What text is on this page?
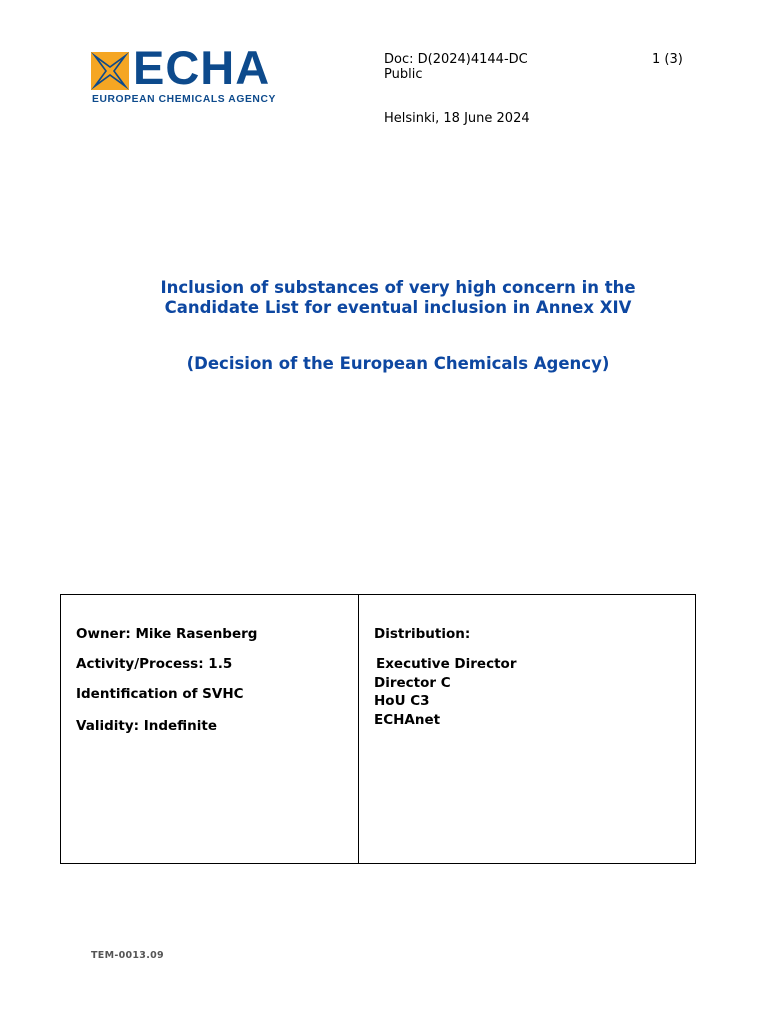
ECHA
EUROPEAN CHEMICALS AGENCY
Doc: D(2024)4144-DC
Public
1 (3)
Helsinki, 18 June 2024
Inclusion of substances of very high concern in the
Candidate List for eventual inclusion in Annex XIV
(Decision of the European Chemicals Agency)
Owner: Mike Rasenberg
Activity/Process: 1.5
Identification of SVHC
Validity: Indefinite
Distribution:
Executive Director
Director C
HoU C3
ECHAnet
TEM-0013.09
